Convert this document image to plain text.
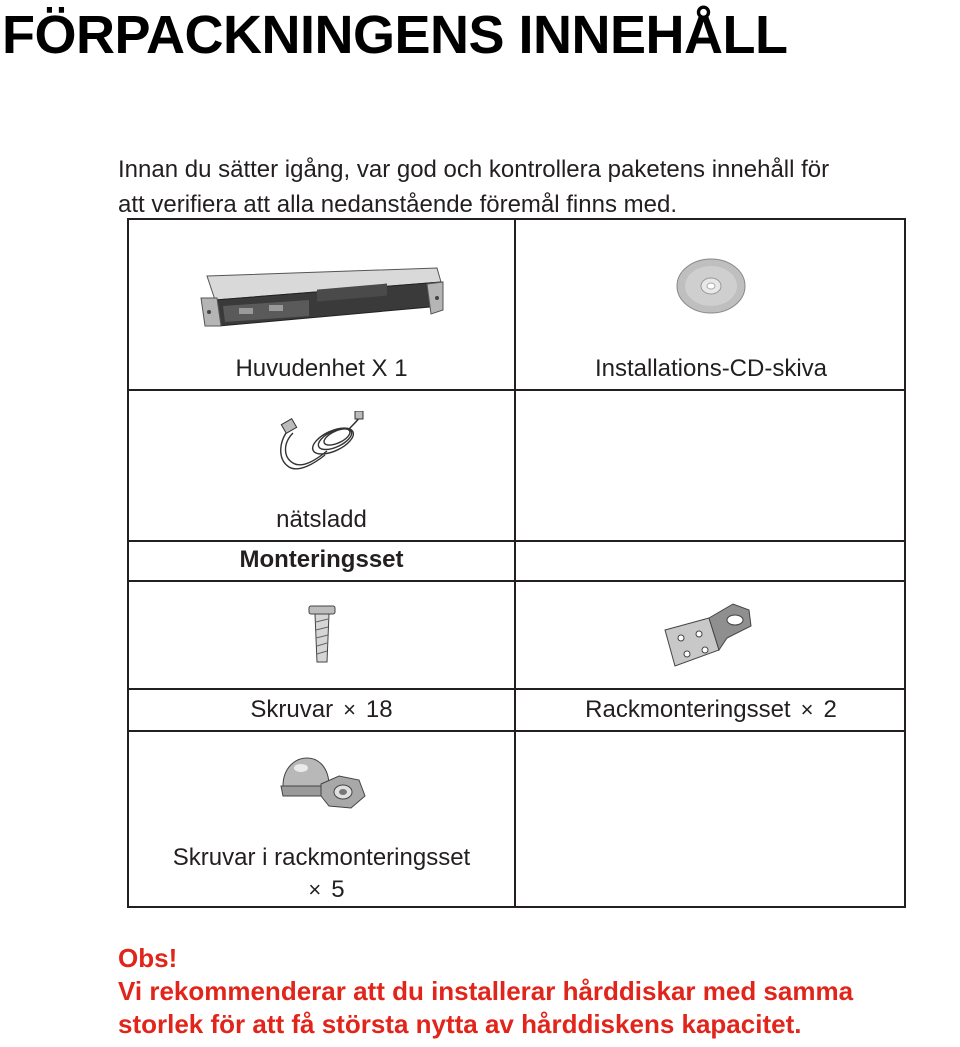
FÖRPACKNINGENS INNEHÅLL
Innan du sätter igång, var god och kontrollera paketens innehåll för
att verifiera att alla nedanstående föremål finns med.
Huvudenhet X 1	Installations-CD-skiva
nätsladd
Monteringsset
Skruvar × 18	Rackmonteringsset × 2
Skruvar i rackmonteringsset
× 5
Obs!
Vi rekommenderar att du installerar hårddiskar med samma
storlek för att få största nytta av hårddiskens kapacitet.
